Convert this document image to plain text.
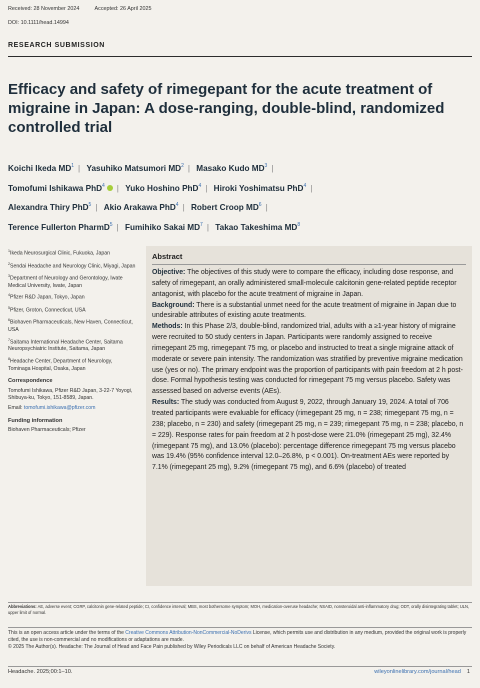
Received: 28 November 2024	Accepted: 26 April 2025
DOI: 10.1111/head.14994
RESEARCH SUBMISSION
Efficacy and safety of rimegepant for the acute treatment of migraine in Japan: A dose-ranging, double-blind, randomized controlled trial
Koichi Ikeda $MD^1$ | Yasuhiko Matsumori $MD^2$ | Masako Kudo $MD^3$ |
Tomofumi Ishikawa PhD$^4$ | Yuko Hoshino PhD$^4$ | Hiroki Yoshimatsu PhD$^4$ |
Alexandra Thiry PhD$^5$ | Akio Arakawa PhD$^4$ | Robert Croop $MD^6$ |
Terence Fullerton PharmD$^5$ | Fumihiko Sakai $MD^7$ | Takao Takeshima $MD^8$

$^1$Ikeda Neurosurgical Clinic, Fukuoka, Japan

$^2$Sendai Headache and Neurology Clinic, Miyagi, Japan

$^3$Department of Neurology and Gerontology, Iwate Medical University, Iwate, Japan

$^4$Pfizer R&D Japan, Tokyo, Japan

$^5$Pfizer, Groton, Connecticut, USA

$^6$Biohaven Pharmaceuticals, New Haven, Connecticut, USA

$^7$Saitama International Headache Center, Saitama Neuropsychiatric Institute, Saitama, Japan

$^8$Headache Center, Department of Neurology, Tominaga Hospital, Osaka, Japan

Correspondence

Tomofumi Ishikawa, Pfizer R&D Japan, 3-22-7 Yoyogi, Shibuya-ku, Tokyo, 151-8589, Japan.

Email: tomofumi.ishikawa@pfizer.com

Funding information

Biohaven Pharmaceuticals; Pfizer

Abstract

Objective: The objectives of this study were to compare the efficacy, including dose response, and safety of rimegepant, an orally administered small-molecule calcitonin gene-related peptide receptor antagonist, with placebo for the acute treatment of migraine in Japan.

Background: There is a substantial unmet need for the acute treatment of migraine in Japan due to undesirable attributes of existing acute treatments.

Methods: In this Phase 2/3, double-blind, randomized trial, adults with a ≥1-year history of migraine were recruited to 50 study centers in Japan. Participants were randomly assigned to receive rimegepant 25 mg, rimegepant 75 mg, or placebo and instructed to treat a single migraine attack of moderate or severe pain intensity. The randomization was stratified by preventive migraine medication use (yes or no). The primary endpoint was the proportion of participants with pain freedom at 2 h post-dose. Formal hypothesis testing was conducted for rimegepant 75 mg versus placebo. Safety was assessed based on adverse events (AEs).

Results: The study was conducted from August 9, 2022, through January 19, 2024. A total of 706 treated participants were evaluable for efficacy (rimegepant 25 mg, n = 238; rimegepant 75 mg, n = 238; placebo, n = 230) and safety (rimegepant 25 mg, n = 239; rimegepant 75 mg, n = 238; placebo, n = 229). Response rates for pain freedom at 2 h post-dose were 21.0% (rimegepant 25 mg), 32.4% (rimegepant 75 mg), and 13.0% (placebo): percentage difference rimegepant 75 mg versus placebo was 19.4% (95% confidence interval 12.0–26.8%, p < 0.001). On-treatment AEs were reported by 7.1% (rimegepant 25 mg), 9.2% (rimegepant 75 mg), and 6.6% (placebo) of treated

Abbreviations: AE, adverse event; CGRP, calcitonin gene-related peptide; CI, confidence interval; MBS, most bothersome symptom; MOH, medication-overuse headache; NSAID, nonsteroidal anti-inflammatory drug; ODT, orally disintegrating tablet; ULN, upper limit of normal.

This is an open access article under the terms of the Creative Commons Attribution-NonCommercial-NoDerivs License, which permits use and distribution in any medium, provided the original work is properly cited, the use is non-commercial and no modifications or adaptations are made.

© 2025 The Author(s). Headache: The Journal of Head and Face Pain published by Wiley Periodicals LLC on behalf of American Headache Society.

Headache. 2025;00:1–10.	wileyonlinelibrary.com/journal/head 1
